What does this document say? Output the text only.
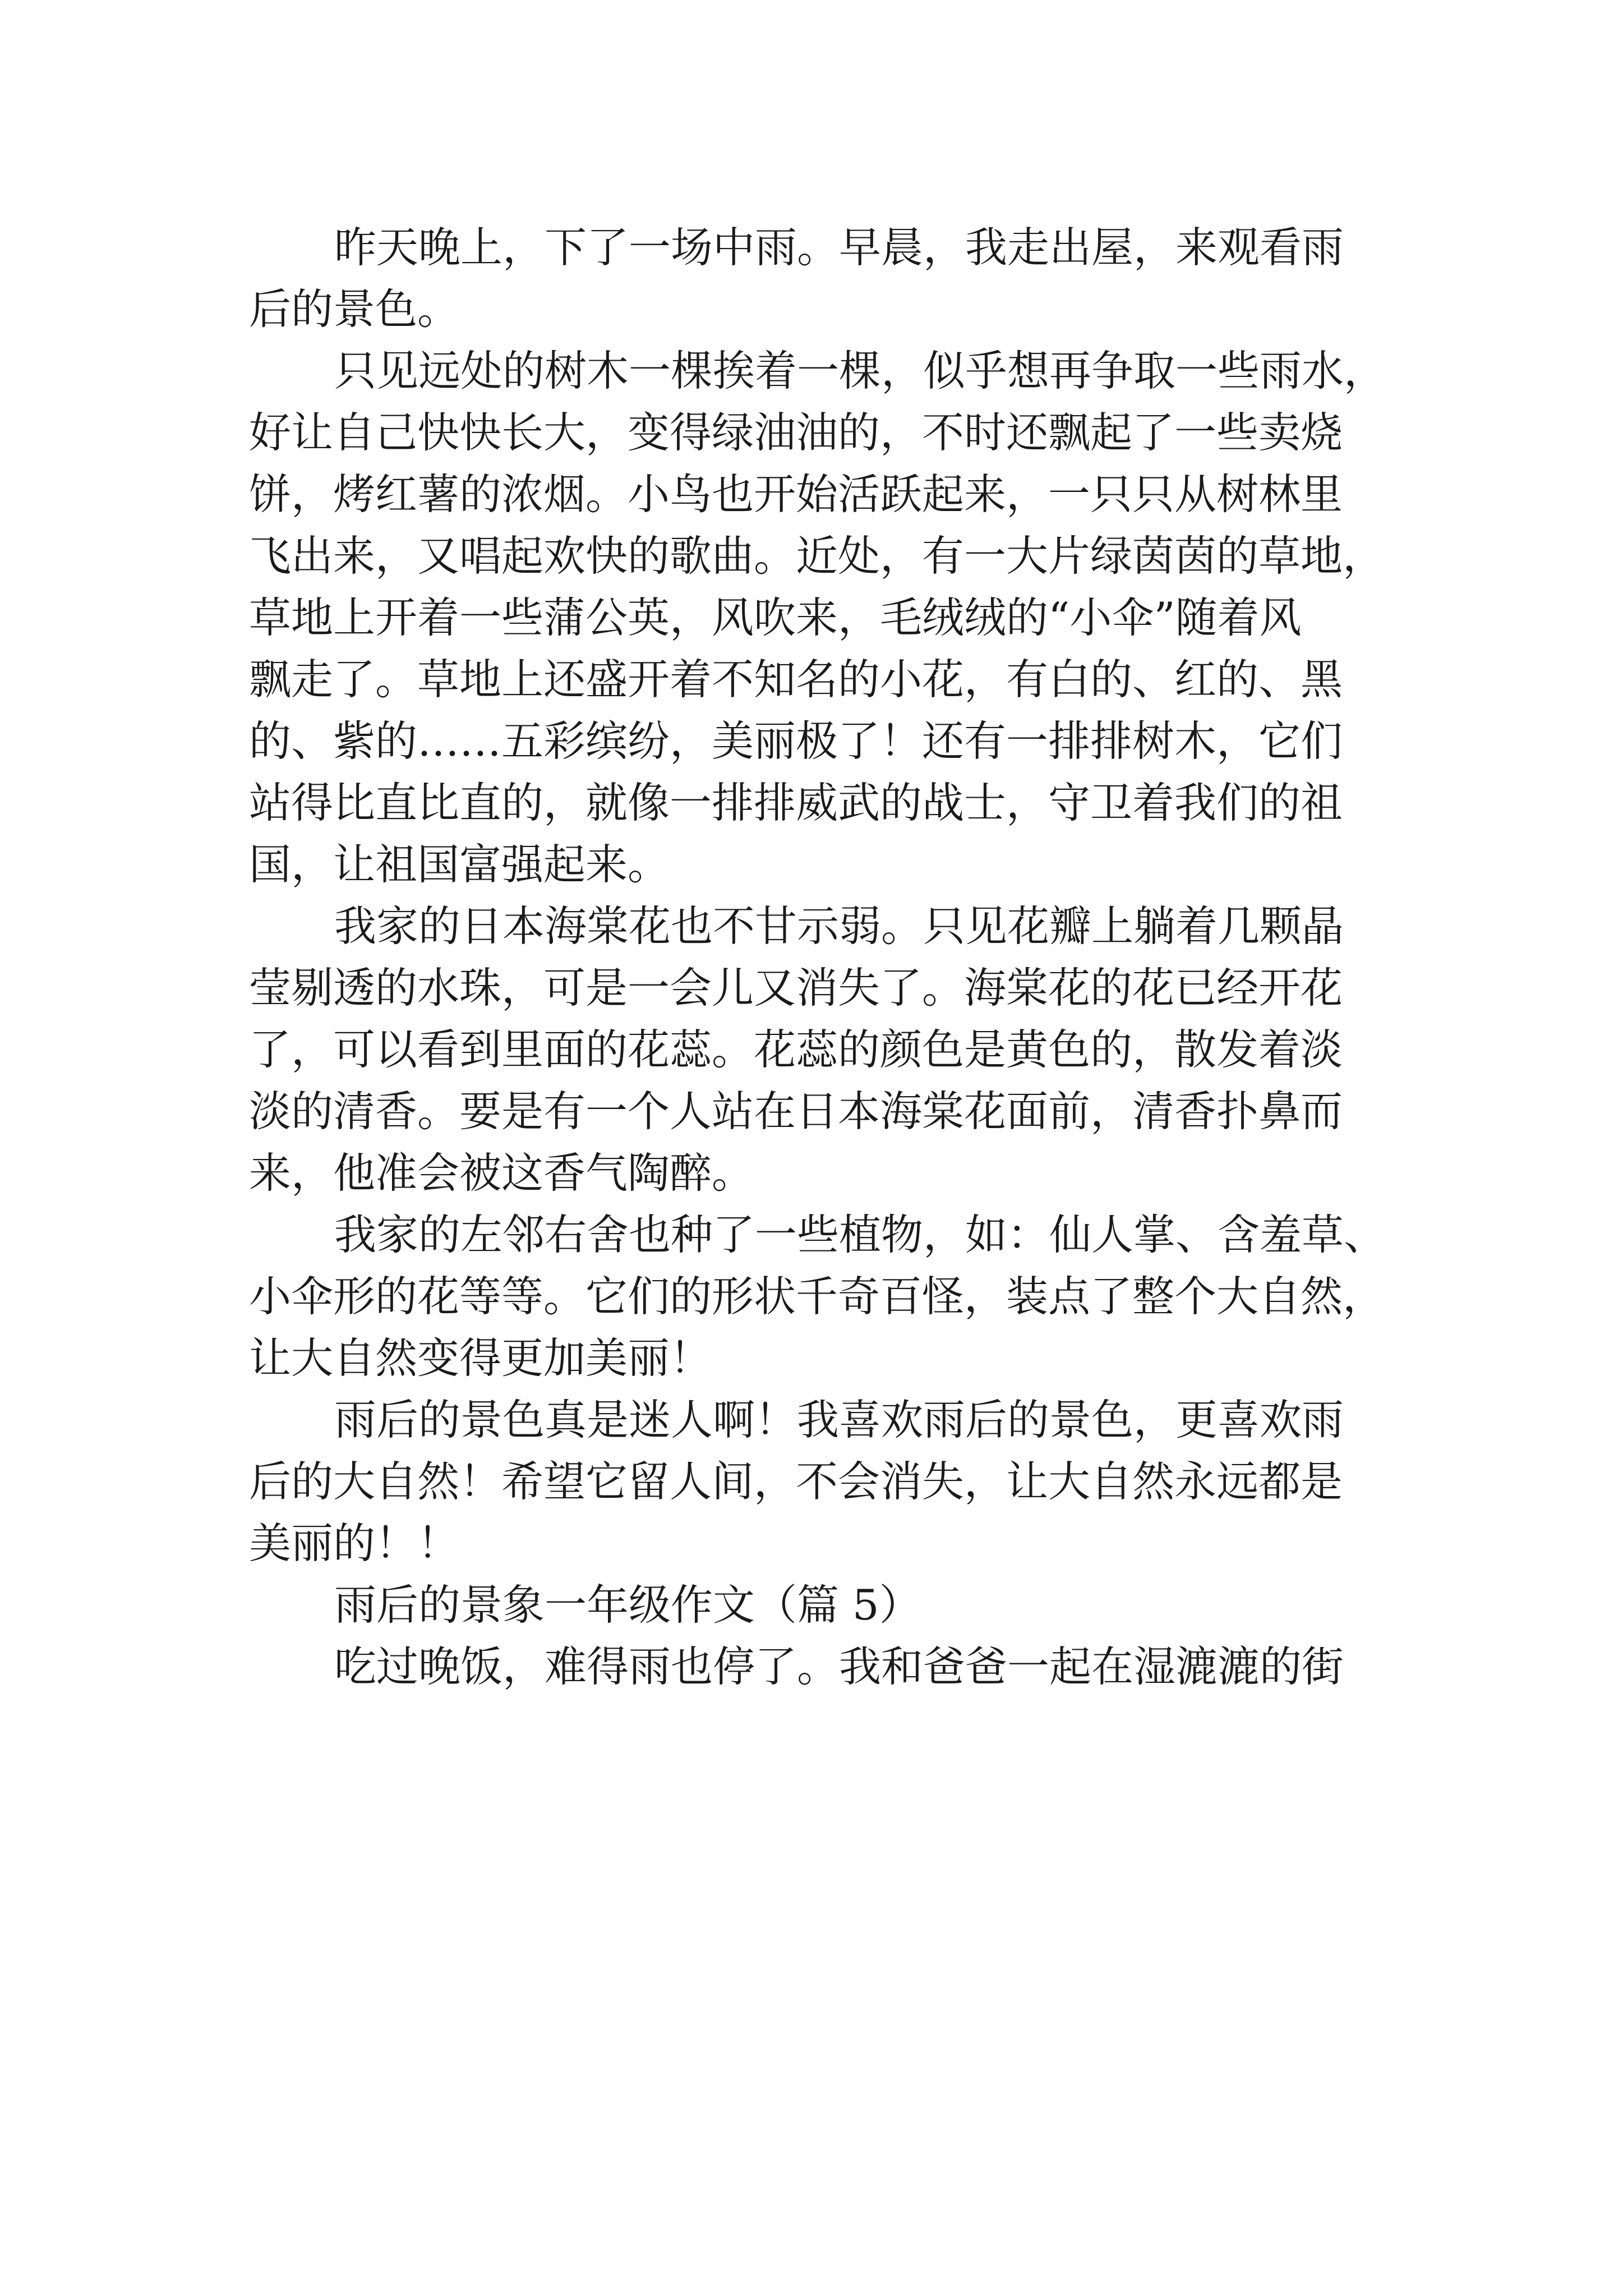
昨天晚上，下了一场中雨。早晨，我走出屋，来观看雨
后的景色。
只见远处的树木一棵挨着一棵，似乎想再争取一些雨水，
好让自己快快长大，变得绿油油的，不时还飘起了一些卖烧
饼，烤红薯的浓烟。小鸟也开始活跃起来，一只只从树林里
飞出来，又唱起欢快的歌曲。近处，有一大片绿茵茵的草地，
草地上开着一些蒲公英，风吹来，毛绒绒的“小伞”随着风
飘走了。草地上还盛开着不知名的小花，有白的、红的、黑
的、紫的……五彩缤纷，美丽极了！还有一排排树木，它们
站得比直比直的，就像一排排威武的战士，守卫着我们的祖
国，让祖国富强起来。
我家的日本海棠花也不甘示弱。只见花瓣上躺着几颗晶
莹剔透的水珠，可是一会儿又消失了。海棠花的花已经开花
了，可以看到里面的花蕊。花蕊的颜色是黄色的，散发着淡
淡的清香。要是有一个人站在日本海棠花面前，清香扑鼻而
来，他准会被这香气陶醉。
我家的左邻右舍也种了一些植物，如：仙人掌、含羞草、
小伞形的花等等。它们的形状千奇百怪，装点了整个大自然，
让大自然变得更加美丽！
雨后的景色真是迷人啊！我喜欢雨后的景色，更喜欢雨
后的大自然！希望它留人间，不会消失，让大自然永远都是
美丽的！！
雨后的景象一年级作文（篇 5）
吃过晚饭，难得雨也停了。我和爸爸一起在湿漉漉的街
